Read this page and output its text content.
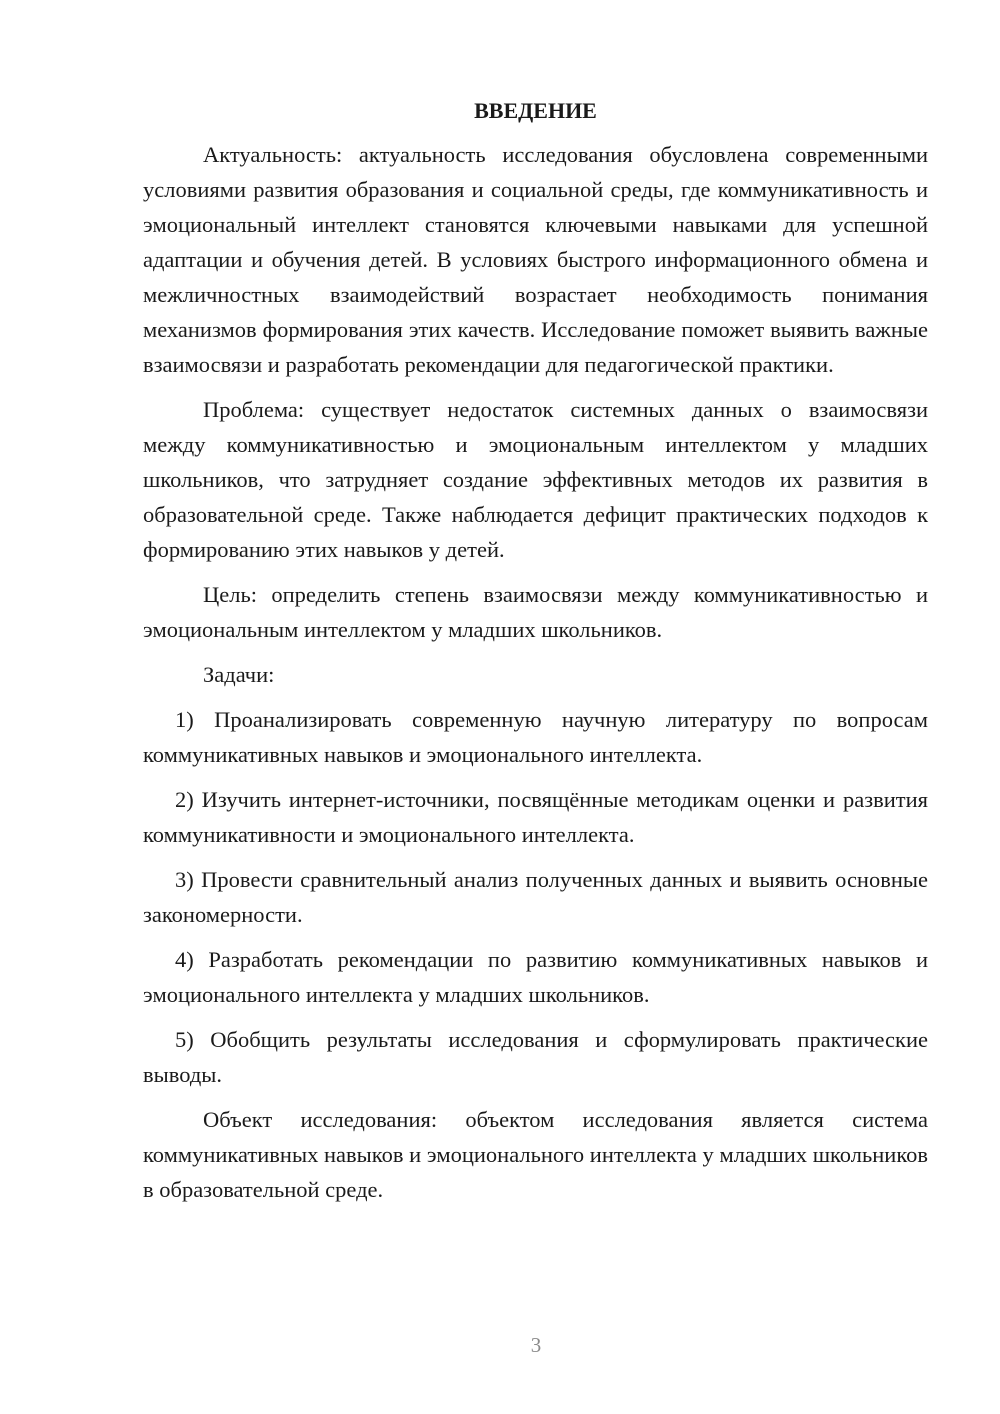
ВВЕДЕНИЕ

Актуальность: актуальность исследования обусловлена современными условиями развития образования и социальной среды, где коммуникативность и эмоциональный интеллект становятся ключевыми навыками для успешной адаптации и обучения детей. В условиях быстрого информационного обмена и межличностных взаимодействий возрастает необходимость понимания механизмов формирования этих качеств. Исследование поможет выявить важные взаимосвязи и разработать рекомендации для педагогической практики.

Проблема: существует недостаток системных данных о взаимосвязи между коммуникативностью и эмоциональным интеллектом у младших школьников, что затрудняет создание эффективных методов их развития в образовательной среде. Также наблюдается дефицит практических подходов к формированию этих навыков у детей.

Цель: определить степень взаимосвязи между коммуникативностью и эмоциональным интеллектом у младших школьников.

Задачи:

1) Проанализировать современную научную литературу по вопросам коммуникативных навыков и эмоционального интеллекта.

2) Изучить интернет-источники, посвящённые методикам оценки и развития коммуникативности и эмоционального интеллекта.

3) Провести сравнительный анализ полученных данных и выявить основные закономерности.

4) Разработать рекомендации по развитию коммуникативных навыков и эмоционального интеллекта у младших школьников.

5) Обобщить результаты исследования и сформулировать практические выводы.

Объект исследования: объектом исследования является система коммуникативных навыков и эмоционального интеллекта у младших школьников в образовательной среде.

3
